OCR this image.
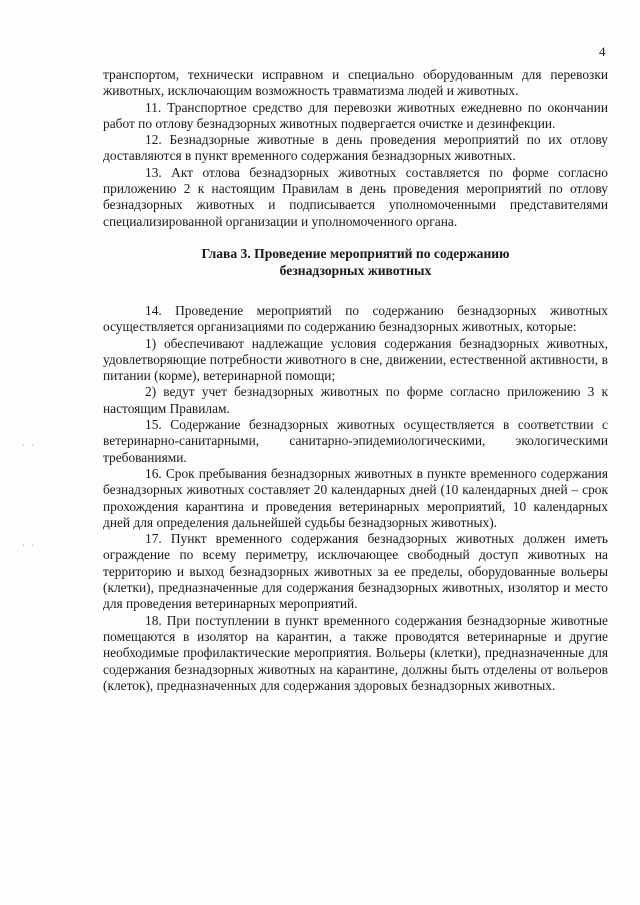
4

транспортом, технически исправном и специально оборудованным для перевозки животных, исключающим возможность травматизма людей и животных.

11. Транспортное средство для перевозки животных ежедневно по окончании работ по отлову безнадзорных животных подвергается очистке и дезинфекции.

12. Безнадзорные животные в день проведения мероприятий по их отлову доставляются в пункт временного содержания безнадзорных животных.

13. Акт отлова безнадзорных животных составляется по форме согласно приложению 2 к настоящим Правилам в день проведения мероприятий по отлову безнадзорных животных и подписывается уполномоченными представителями специализированной организации и уполномоченного органа.

Глава 3. Проведение мероприятий по содержанию
безнадзорных животных

14. Проведение мероприятий по содержанию безнадзорных животных осуществляется организациями по содержанию безнадзорных животных, которые:

1) обеспечивают надлежащие условия содержания безнадзорных животных, удовлетворяющие потребности животного в сне, движении, естественной активности, в питании (корме), ветеринарной помощи;

2) ведут учет безнадзорных животных по форме согласно приложению 3 к настоящим Правилам.

15. Содержание безнадзорных животных осуществляется в соответствии с ветеринарно-санитарными, санитарно-эпидемиологическими, экологическими требованиями.

16. Срок пребывания безнадзорных животных в пункте временного содержания безнадзорных животных составляет 20 календарных дней (10 календарных дней – срок прохождения карантина и проведения ветеринарных мероприятий, 10 календарных дней для определения дальнейшей судьбы безнадзорных животных).

17. Пункт временного содержания безнадзорных животных должен иметь ограждение по всему периметру, исключающее свободный доступ животных на территорию и выход безнадзорных животных за ее пределы, оборудованные вольеры (клетки), предназначенные для содержания безнадзорных животных, изолятор и место для проведения ветеринарных мероприятий.

18. При поступлении в пункт временного содержания безнадзорные животные помещаются в изолятор на карантин, а также проводятся ветеринарные и другие необходимые профилактические мероприятия. Вольеры (клетки), предназначенные для содержания безнадзорных животных на карантине, должны быть отделены от вольеров (клеток), предназначенных для содержания здоровых безнадзорных животных.

· ·
· ·
